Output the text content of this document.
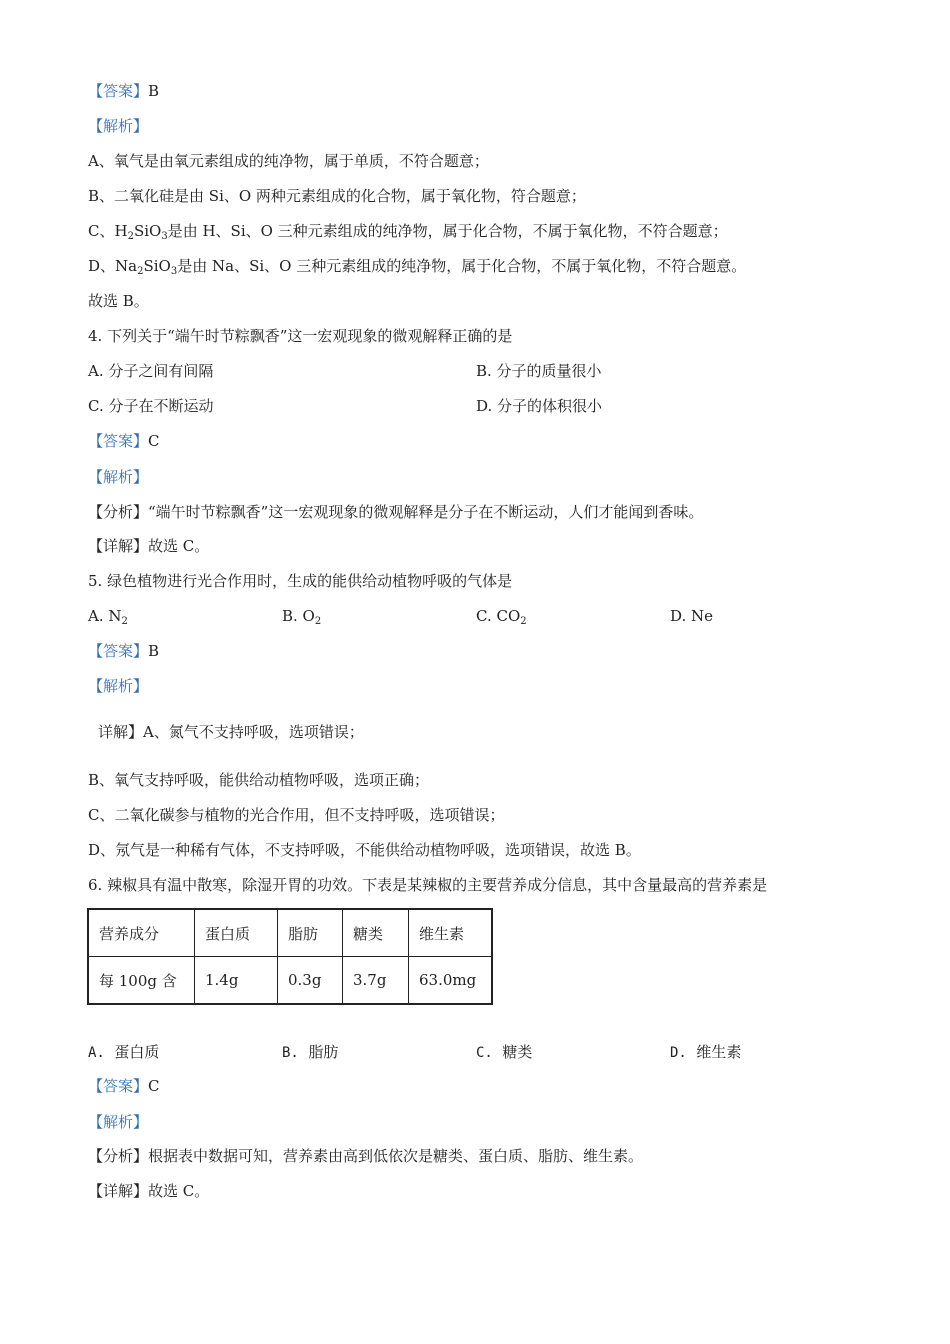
【答案】B
【解析】
A、氧气是由氧元素组成的纯净物，属于单质，不符合题意；
B、二氧化硅是由 Si、O 两种元素组成的化合物，属于氧化物，符合题意；
C、$H_2SiO_3$是由 H、Si、O 三种元素组成的纯净物，属于化合物，不属于氧化物，不符合题意；
D、$Na_2SiO_3$是由 Na、Si、O 三种元素组成的纯净物，属于化合物，不属于氧化物，不符合题意。
故选 B。
4. 下列关于“端午时节粽飘香”这一宏观现象的微观解释正确的是
A. 分子之间有间隔	B. 分子的质量很小
C. 分子在不断运动	D. 分子的体积很小
【答案】C
【解析】
【分析】“端午时节粽飘香”这一宏观现象的微观解释是分子在不断运动，人们才能闻到香味。
【详解】故选 C。
5. 绿色植物进行光合作用时，生成的能供给动植物呼吸的气体是
A. $N_2$	B. $O_2$	C. $CO_2$	D. Ne
【答案】B
【解析】
详解】A、氮气不支持呼吸，选项错误；
B、氧气支持呼吸，能供给动植物呼吸，选项正确；
C、二氧化碳参与植物的光合作用，但不支持呼吸，选项错误；
D、氖气是一种稀有气体，不支持呼吸，不能供给动植物呼吸，选项错误，故选 B。
6. 辣椒具有温中散寒，除湿开胃的功效。下表是某辣椒的主要营养成分信息，其中含量最高的营养素是
营养成分	蛋白质	脂肪	糖类	维生素
每 100g 含	1.4g	0.3g	3.7g	63.0mg
A. 蛋白质	B. 脂肪	C. 糖类	D. 维生素
【答案】C
【解析】
【分析】根据表中数据可知，营养素由高到低依次是糖类、蛋白质、脂肪、维生素。
【详解】故选 C。
